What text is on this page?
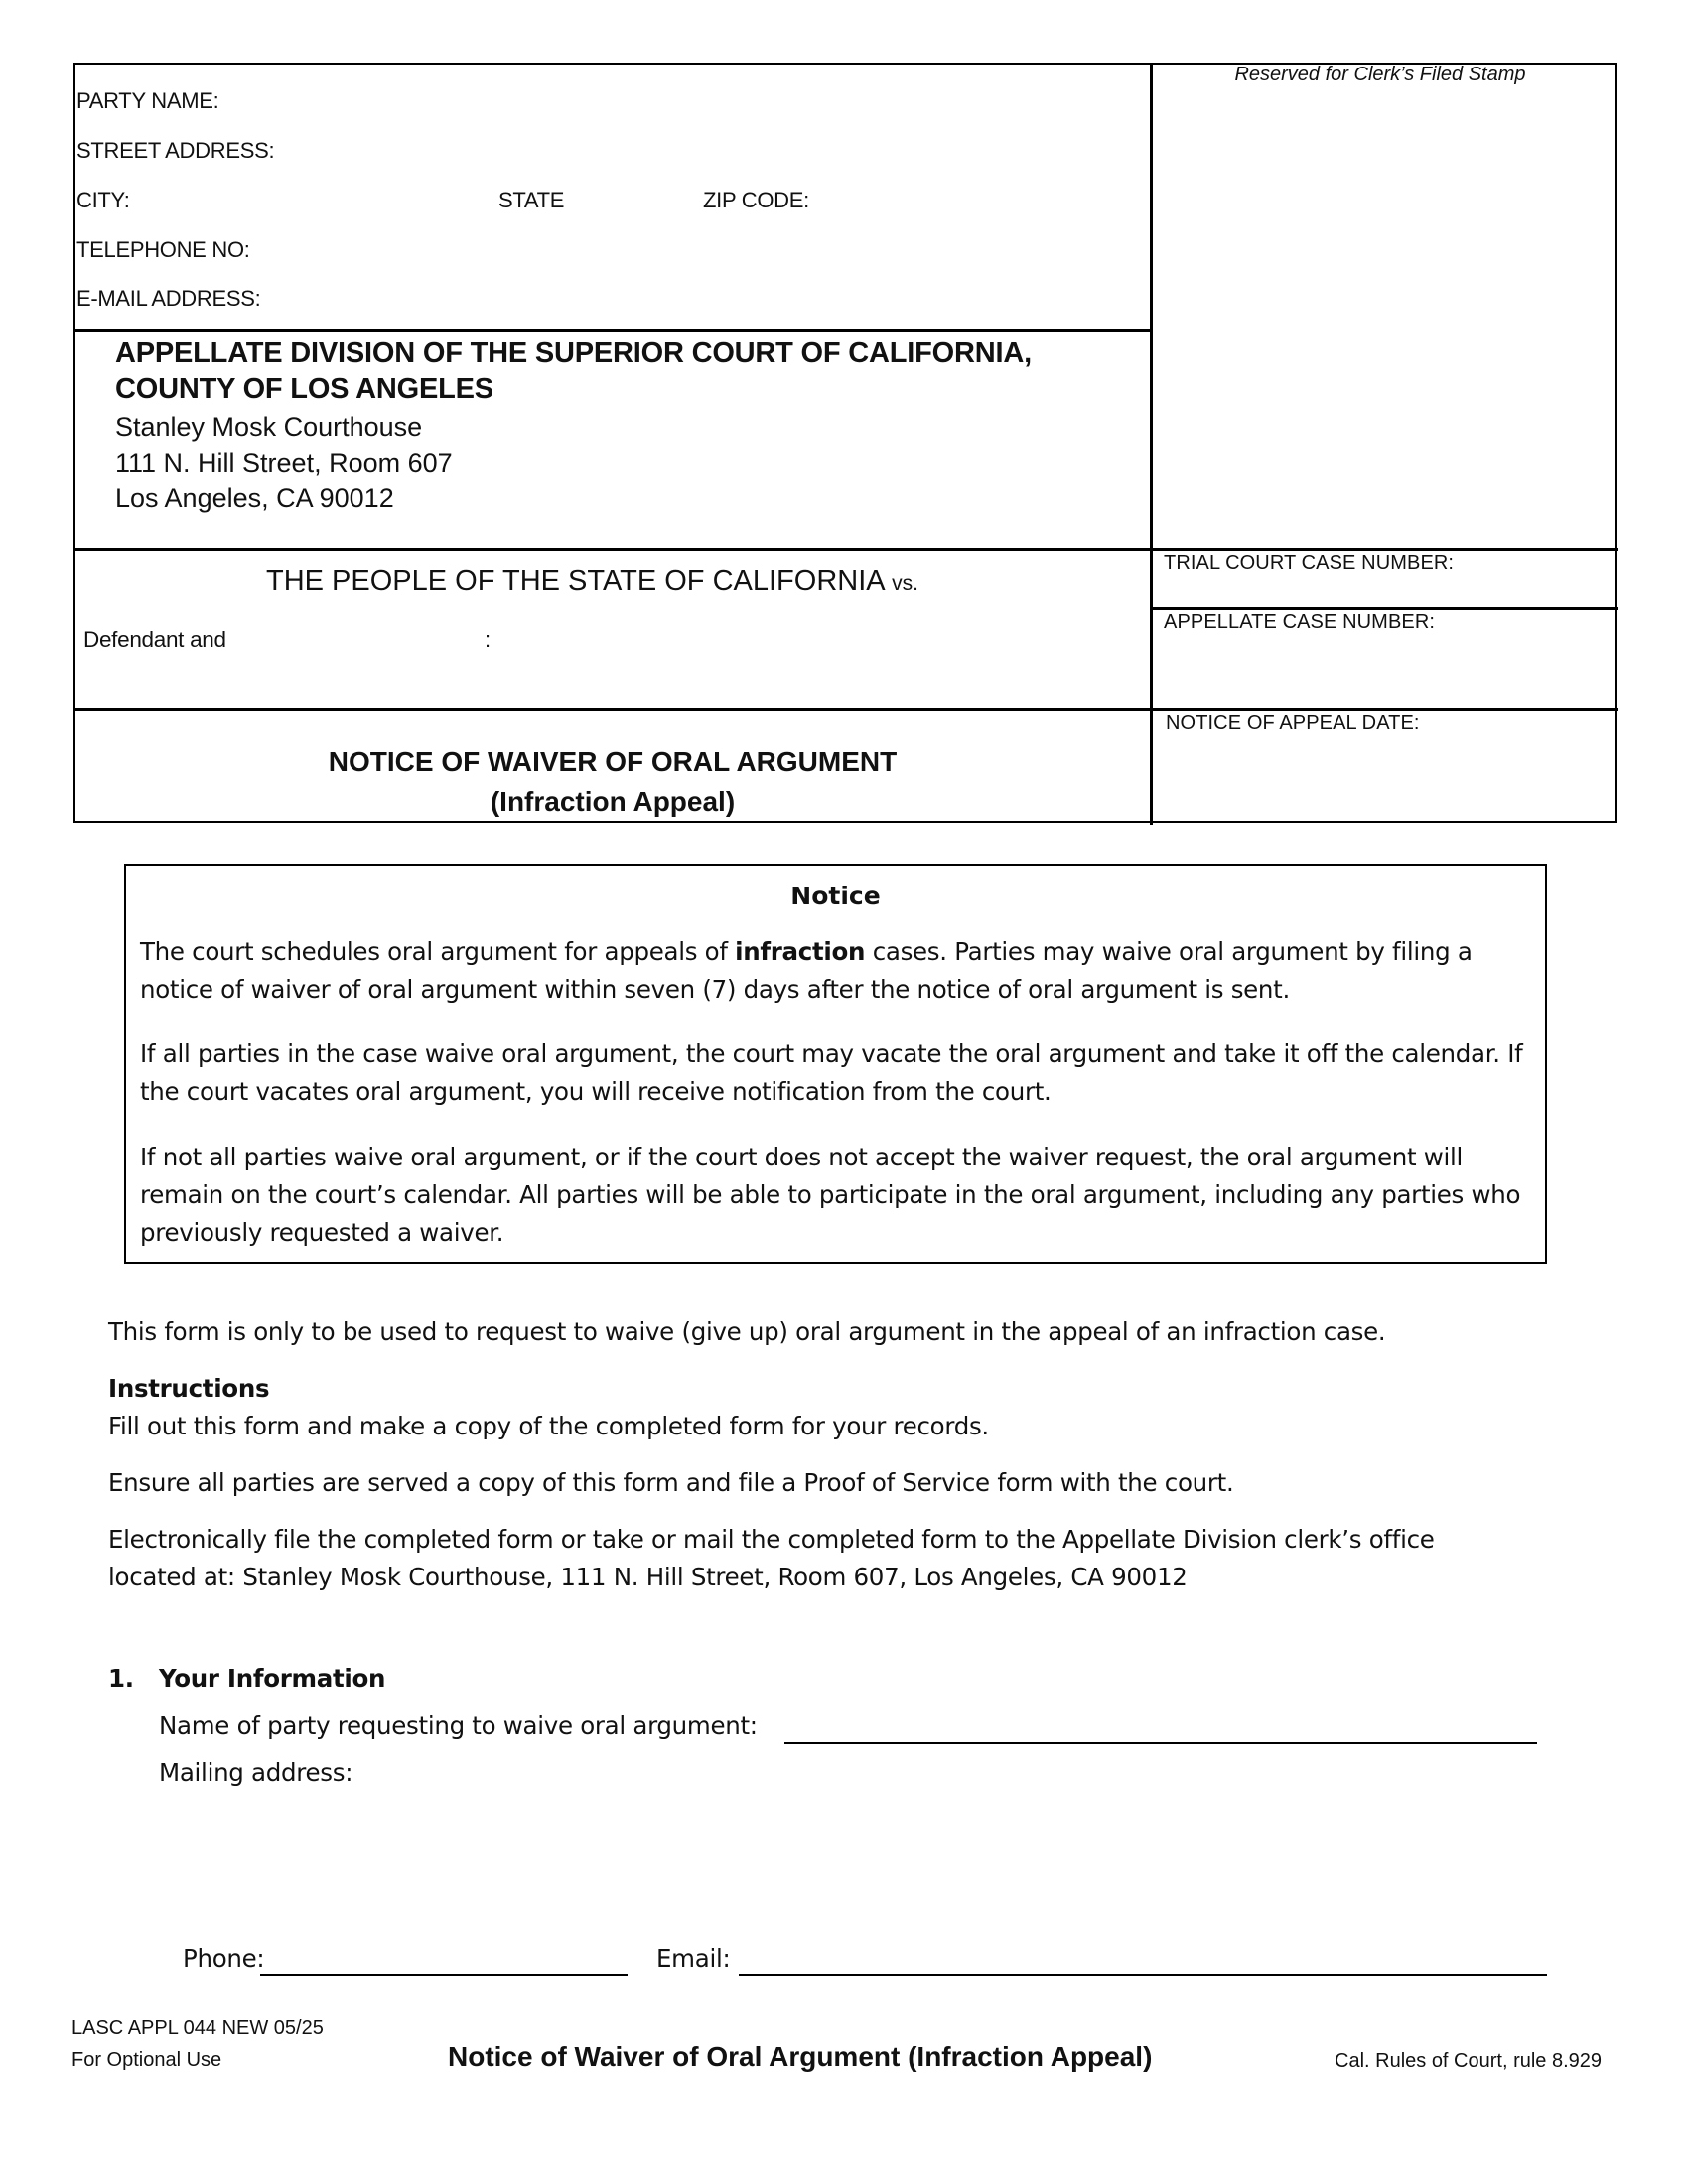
PARTY NAME:
STREET ADDRESS:
CITY:	STATE	ZIP CODE:
TELEPHONE NO:
E-MAIL ADDRESS:
Reserved for Clerk’s Filed Stamp
APPELLATE DIVISION OF THE SUPERIOR COURT OF CALIFORNIA,
COUNTY OF LOS ANGELES
Stanley Mosk Courthouse
111 N. Hill Street, Room 607
Los Angeles, CA 90012
THE PEOPLE OF THE STATE OF CALIFORNIA vs.
Defendant and	:
TRIAL COURT CASE NUMBER:
APPELLATE CASE NUMBER:
NOTICE OF APPEAL DATE:
NOTICE OF WAIVER OF ORAL ARGUMENT
(Infraction Appeal)
Notice
The court schedules oral argument for appeals of infraction cases. Parties may waive oral argument by filing a
notice of waiver of oral argument within seven (7) days after the notice of oral argument is sent.
If all parties in the case waive oral argument, the court may vacate the oral argument and take it off the calendar. If
the court vacates oral argument, you will receive notification from the court.
If not all parties waive oral argument, or if the court does not accept the waiver request, the oral argument will
remain on the court’s calendar. All parties will be able to participate in the oral argument, including any parties who
previously requested a waiver.
This form is only to be used to request to waive (give up) oral argument in the appeal of an infraction case.
Instructions
Fill out this form and make a copy of the completed form for your records.
Ensure all parties are served a copy of this form and file a Proof of Service form with the court.
Electronically file the completed form or take or mail the completed form to the Appellate Division clerk’s office
located at: Stanley Mosk Courthouse, 111 N. Hill Street, Room 607, Los Angeles, CA 90012
1. Your Information
Name of party requesting to waive oral argument:
Mailing address:
Phone:	Email:
LASC APPL 044 NEW 05/25
For Optional Use	Notice of Waiver of Oral Argument (Infraction Appeal)	Cal. Rules of Court, rule 8.929
